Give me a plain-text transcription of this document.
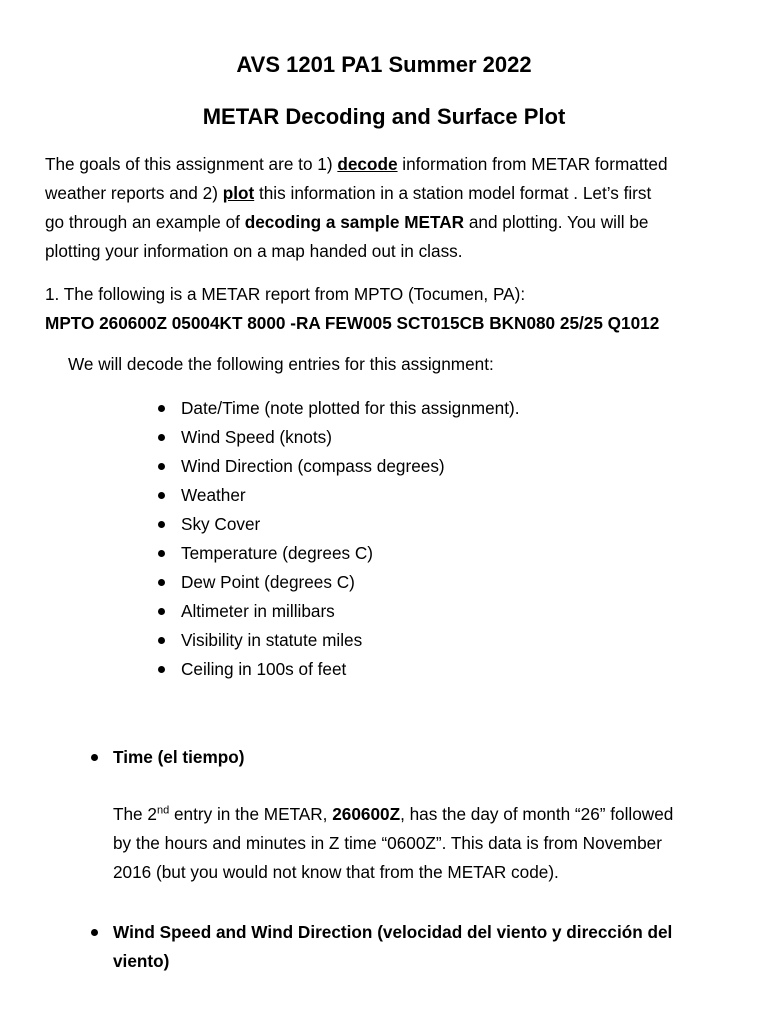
AVS 1201 PA1 Summer 2022
METAR Decoding and Surface Plot
The goals of this assignment are to 1) decode information from METAR formatted
weather reports and 2) plot this information in a station model format . Let’s first
go through an example of decoding a sample METAR and plotting. You will be
plotting your information on a map handed out in class.
1. The following is a METAR report from MPTO (Tocumen, PA):
MPTO 260600Z 05004KT 8000 -RA FEW005 SCT015CB BKN080 25/25 Q1012
We will decode the following entries for this assignment:
Date/Time (note plotted for this assignment).
Wind Speed (knots)
Wind Direction (compass degrees)
Weather
Sky Cover
Temperature (degrees C)
Dew Point (degrees C)
Altimeter in millibars
Visibility in statute miles
Ceiling in 100s of feet
Time (el tiempo)
The 2nd entry in the METAR, 260600Z, has the day of month “26” followed
by the hours and minutes in Z time “0600Z”. This data is from November
2016 (but you would not know that from the METAR code).
Wind Speed and Wind Direction (velocidad del viento y dirección del
viento)
